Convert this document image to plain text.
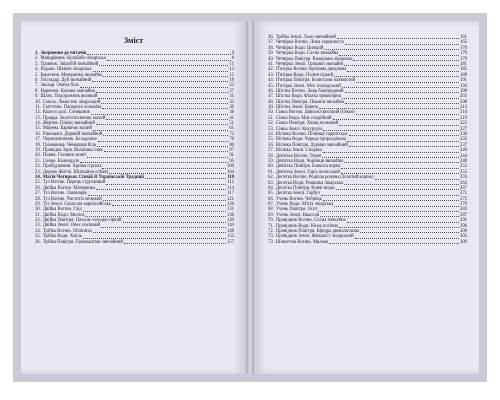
Зміст
1. Звернення до читачів	3
2. Мандрівник. Кульбабо лікарська	8
3. Травник. Звіробій звичайний	11
4. Відьма. Шавлія лікарська	13
5. Берегиня. Материнка звичайна	15
6. Господар. Дуб звичайний	18
7. Знахар. Омела біла	23
8. Наречені. Калина звичайна	27
9. Шлях. Подорожник великий	31
10. Смола. Ліквістик лікарський	33
11. Сміттник. Папороть чоловіча	36
12. Колесо долі. Соняшник	38
13. Правда. Золототисячник малий	41
14. Жертва. Плющ звичайний	51
15. Морена. Барвінок малий	61
16. Рівновага. Деревій звичайний	72
17. Чорнокнижник. Беладонна	76
18. Громовиця. Чемериця біла	80
19. Провідна Зоря. Волошка синя	87
20. Повня. Глечики жовті	91
21. Сонце. Календула	95
22. Пробудження. Арніка гірська	100
23. Дерево Життя. Шипшина собача	104
24. Магія Чотирьох Стихій В Українській Традиції	110
25. Туз Вогню. Перець стручковий	112
26. Двійка Вогню. Материнка	114
27. Туз Вогню. Ламінарія	117
28. Туз Вогню. Чистотіл великий	121
29. Туз Землі. Скополія карніолійська	126
30. Двійка Вогню. Глід	131
31. Двійка Води. Меліса	136
32. Двійка Повітря. Пасьон солодко-гіркий	140
33. Двійка Землі. Овес посівний	144
34. Трійка Вогню. Обліпиха	148
35. Трійка Води. Хміль	152
36. Трійка Повітря. Гіркокаштан звичайний	157
36. Трійка Землі. Льон звичайний	161
37. Четвірка Вогню. Липа серцелиста	165
38. Четвірка Води. Цикорій	170
39. Четвірка Води. Сосна звичайна	179
40. Четвірка Повітря. Валеріана лікарська	179
41. Четвірка Землі. Грицики звичайні	181
42. П'ятірка Вогню. Кропива дводомна	185
43. П'ятірка Води. Полин гіркий	188
44. П'ятірка Повітря. Болиголов плямистий	191
45. П'ятірка Землі. Мох ісландський	194
46. Шістка Вогню. Лавр благородний	198
47. Шістка Води. Фіалка триколірна	203
48. Шістка Повітря. Півонія звичайна	208
49. Шістка Землі. Береза	213
50. Сімка Вогню. Дивосил високий (Оман)	216
51. Сімка Води. Мак снодійний	219
52. Сімка Повітря. Хвощ польовий	222
53. Сімка Землі. Кукурудза	227
54. Вісімка Вогню. Пічниця сарептська	230
55. Вісімка Води. Череда трироздільна	233
56. Вісімка Повітря. Дурман звичайний	237
57. Вісімка Землі. Спориш	240
58. Дев'ятка Вогню. Терен	244
59. Дев'ятка Води. Чорниця звичайна	248
60. Дев'ятка Повітря. Блекота чорна	252
61. Дев'ятка Землі. Горіх волоський	255
62. Десятка Вогню. Родіола рожева (Золотий корінь)	259
63. Десятка Води. Ромашка лікарська	263
64. Десятка Повітря. Вовчі ягоди	267
65. Десятка Землі. Гарбуз	271
66. Учень Вогню. Чебрець	275
67. Учень Води. М'ята лікарська	279
68. Учень Повітря. Осот	283
69. Учень Землі. Квасоля	287
70. Провідник Вогню. Сосна звичайна	291
71. Провідник Води. Кінза посівна	296
72. Провідник Повітря. Ефедра двоколоскова	300
73. Провідник Землі. Живокіст лікарський	305
73. Шляхетна Вогню. Мальва	309
